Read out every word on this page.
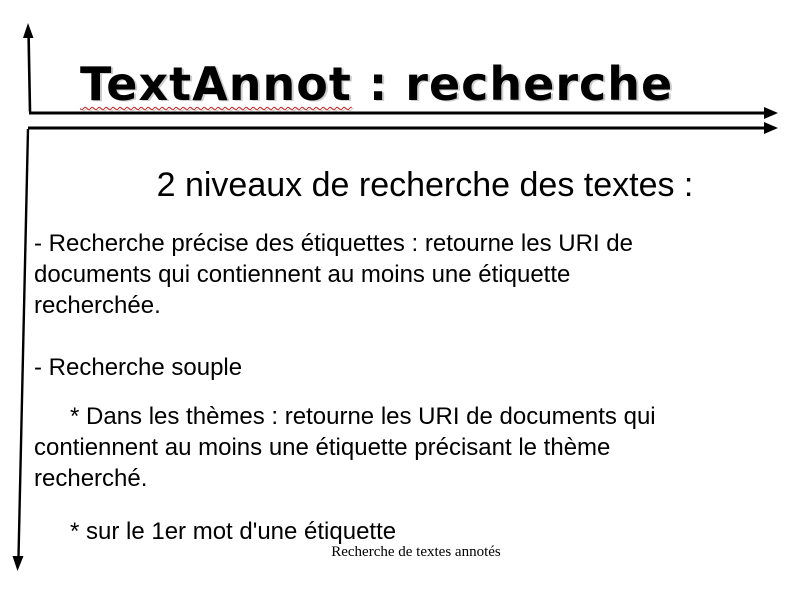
TextAnnot : recherche
2 niveaux de recherche des textes :
- Recherche précise des étiquettes : retourne les URI de
documents qui contiennent au moins une étiquette
recherchée.
- Recherche souple
* Dans les thèmes : retourne les URI de documents qui
contiennent au moins une étiquette précisant le thème
recherché.
* sur le 1er mot d'une étiquette
Recherche de textes annotés
